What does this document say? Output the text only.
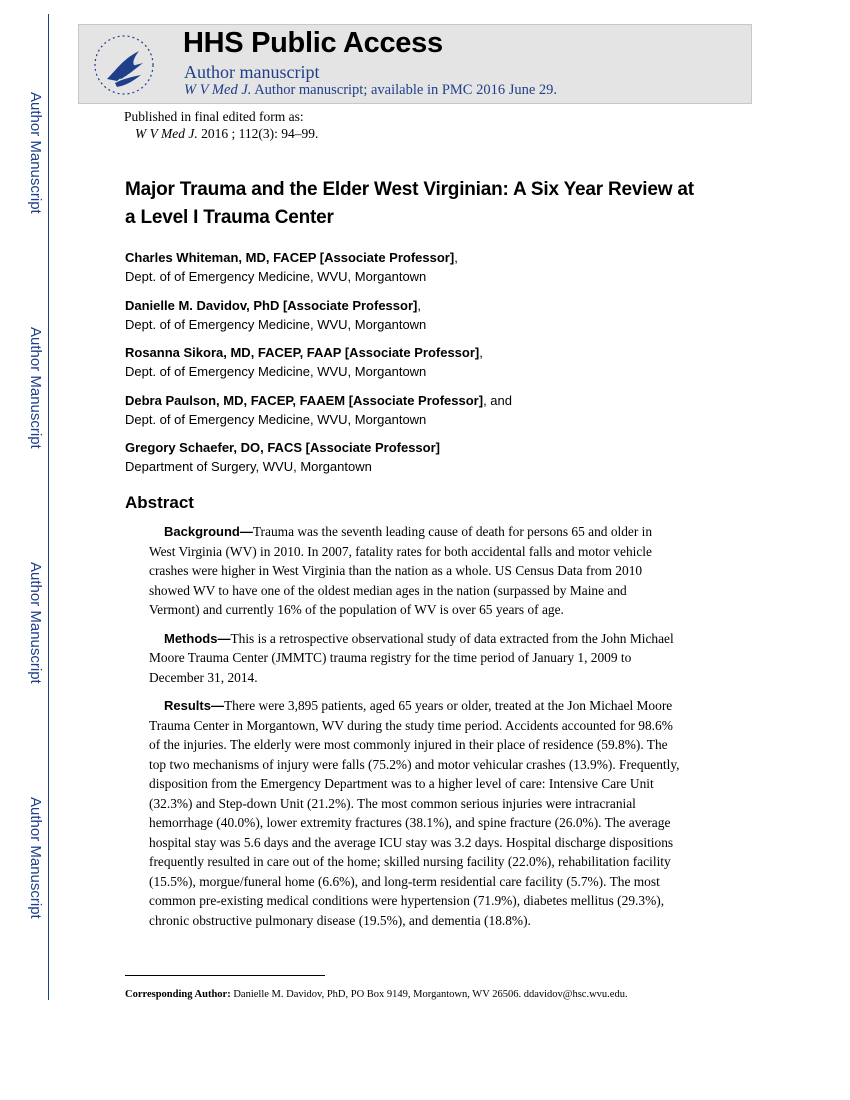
Author Manuscript
Author Manuscript
Author Manuscript
Author Manuscript
HHS Public Access
Author manuscript
W V Med J. Author manuscript; available in PMC 2016 June 29.
Published in final edited form as:
W V Med J. 2016 ; 112(3): 94–99.
Major Trauma and the Elder West Virginian: A Six Year Review at
a Level I Trauma Center
Charles Whiteman, MD, FACEP [Associate Professor],
Dept. of of Emergency Medicine, WVU, Morgantown
Danielle M. Davidov, PhD [Associate Professor],
Dept. of of Emergency Medicine, WVU, Morgantown
Rosanna Sikora, MD, FACEP, FAAP [Associate Professor],
Dept. of of Emergency Medicine, WVU, Morgantown
Debra Paulson, MD, FACEP, FAAEM [Associate Professor], and
Dept. of of Emergency Medicine, WVU, Morgantown
Gregory Schaefer, DO, FACS [Associate Professor]
Department of Surgery, WVU, Morgantown
Abstract
Background—Trauma was the seventh leading cause of death for persons 65 and older in
West Virginia (WV) in 2010. In 2007, fatality rates for both accidental falls and motor vehicle
crashes were higher in West Virginia than the nation as a whole. US Census Data from 2010
showed WV to have one of the oldest median ages in the nation (surpassed by Maine and
Vermont) and currently 16% of the population of WV is over 65 years of age.
Methods—This is a retrospective observational study of data extracted from the John Michael
Moore Trauma Center (JMMTC) trauma registry for the time period of January 1, 2009 to
December 31, 2014.
Results—There were 3,895 patients, aged 65 years or older, treated at the Jon Michael Moore
Trauma Center in Morgantown, WV during the study time period. Accidents accounted for 98.6%
of the injuries. The elderly were most commonly injured in their place of residence (59.8%). The
top two mechanisms of injury were falls (75.2%) and motor vehicular crashes (13.9%). Frequently,
disposition from the Emergency Department was to a higher level of care: Intensive Care Unit
(32.3%) and Step-down Unit (21.2%). The most common serious injuries were intracranial
hemorrhage (40.0%), lower extremity fractures (38.1%), and spine fracture (26.0%). The average
hospital stay was 5.6 days and the average ICU stay was 3.2 days. Hospital discharge dispositions
frequently resulted in care out of the home; skilled nursing facility (22.0%), rehabilitation facility
(15.5%), morgue/funeral home (6.6%), and long-term residential care facility (5.7%). The most
common pre-existing medical conditions were hypertension (71.9%), diabetes mellitus (29.3%),
chronic obstructive pulmonary disease (19.5%), and dementia (18.8%).
Corresponding Author: Danielle M. Davidov, PhD, PO Box 9149, Morgantown, WV 26506. ddavidov@hsc.wvu.edu.
